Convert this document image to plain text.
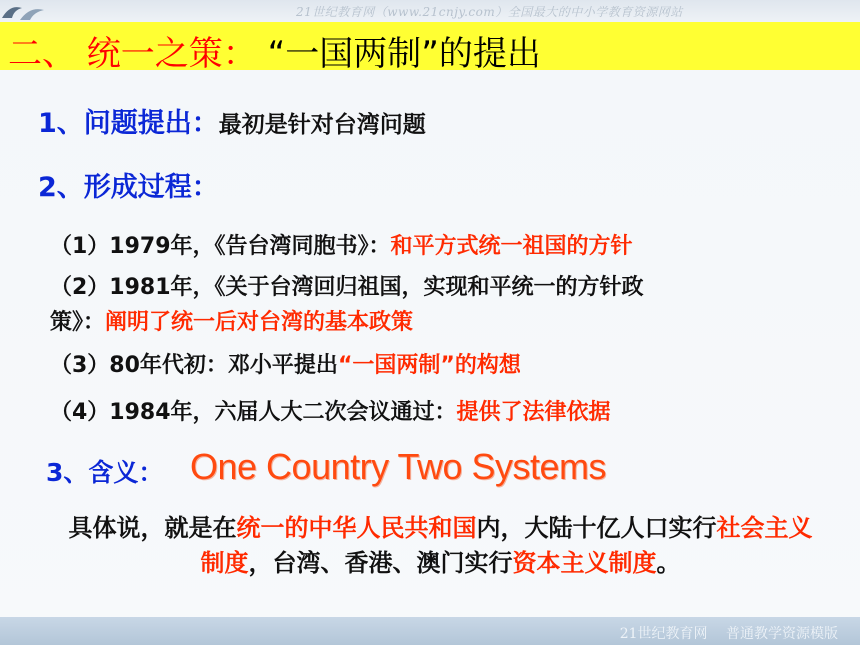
21世纪教育网（www.21cnjy.com）全国最大的中小学教育资源网站
二、 统一之策： “一国两制”的提出
1、问题提出：最初是针对台湾问题
2、形成过程：
（1）1979年，《告台湾同胞书》：和平方式统一祖国的方针
（2）1981年，《关于台湾回归祖国，实现和平统一的方针政
策》：阐明了统一后对台湾的基本政策
（3）80年代初：邓小平提出“一国两制”的构想
（4）1984年，六届人大二次会议通过：提供了法律依据
3、含义： One Country Two Systems
具体说，就是在统一的中华人民共和国内，大陆十亿人口实行社会主义制度，台湾、香港、澳门实行资本主义制度。
21世纪教育网　 普通教学资源模版
